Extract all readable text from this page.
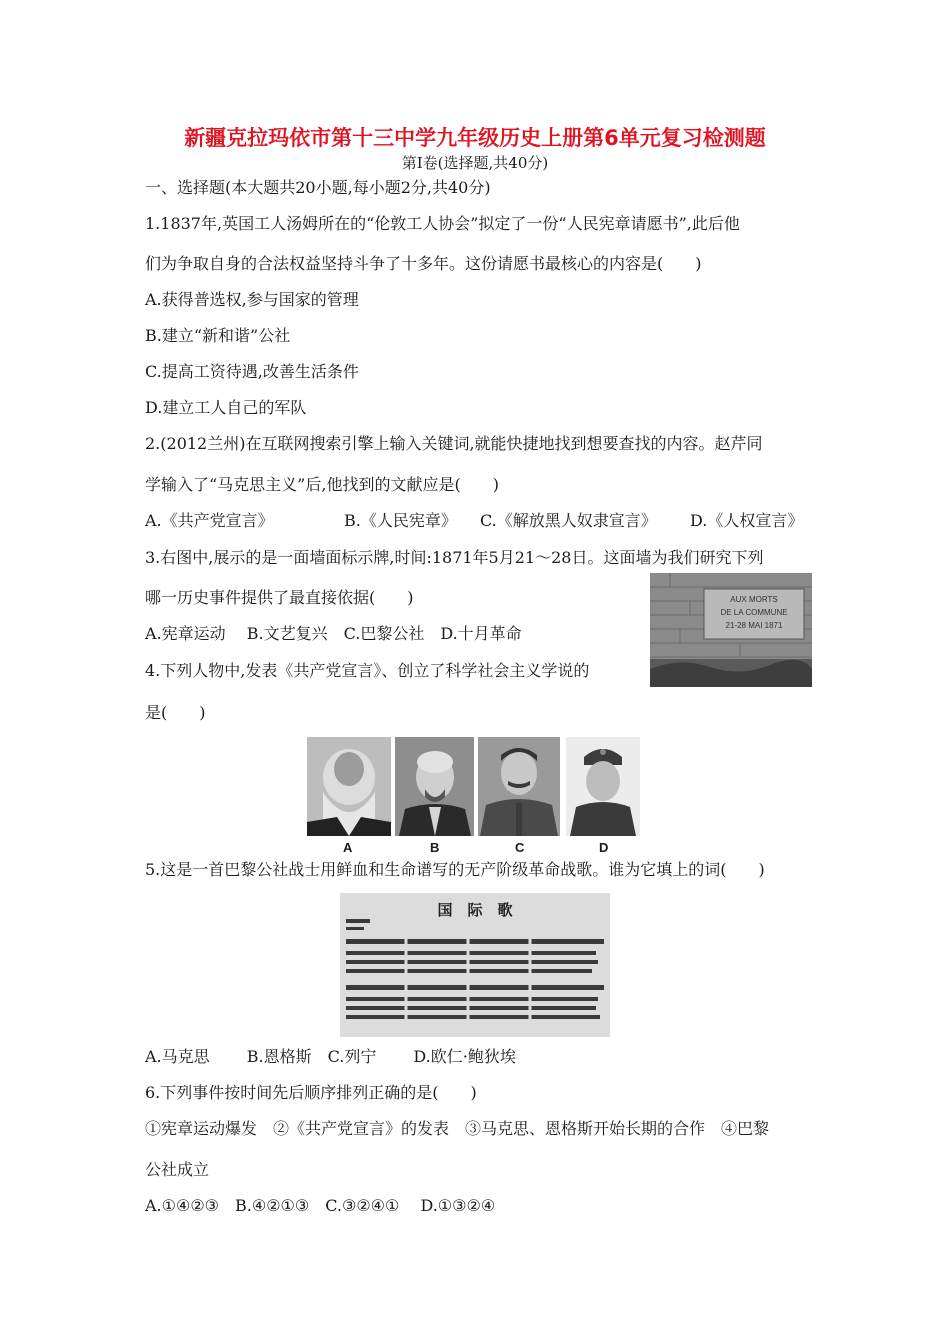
新疆克拉玛依市第十三中学九年级历史上册第6单元复习检测题
第Ⅰ卷(选择题,共40分)
一、选择题(本大题共20小题,每小题2分,共40分)
1.1837年,英国工人汤姆所在的“伦敦工人协会”拟定了一份“人民宪章请愿书”,此后他
们为争取自身的合法权益坚持斗争了十多年。这份请愿书最核心的内容是(　　)
A.获得普选权,参与国家的管理
B.建立“新和谐”公社
C.提高工资待遇,改善生活条件
D.建立工人自己的军队
2.(2012兰州)在互联网搜索引擎上输入关键词,就能快捷地找到想要查找的内容。赵芹同
学输入了“马克思主义”后,他找到的文献应是(　　)
A.《共产党宣言》	B.《人民宪章》 C.《解放黑人奴隶宣言》 D.《人权宣言》
3.右图中,展示的是一面墙面标示牌,时间:1871年5月21～28日。这面墙为我们研究下列
哪一历史事件提供了最直接依据(　　)
A.宪章运动　 B.文艺复兴　C.巴黎公社　D.十月革命
AUX MORTS
DE LA COMMUNE
21-28 MAI 1871
4.下列人物中,发表《共产党宣言》、创立了科学社会主义学说的
是(　　)
A	B	C	D
5.这是一首巴黎公社战士用鲜血和生命谱写的无产阶级革命战歌。谁为它填上的词(　　)
国　际　歌
A.马克思　　 B.恩格斯　C.列宁　　 D.欧仁·鲍狄埃
6.下列事件按时间先后顺序排列正确的是(　　)
①宪章运动爆发　②《共产党宣言》的发表　③马克思、恩格斯开始长期的合作　④巴黎
公社成立
A.①④②③　B.④②①③　C.③②④①　 D.①③②④
